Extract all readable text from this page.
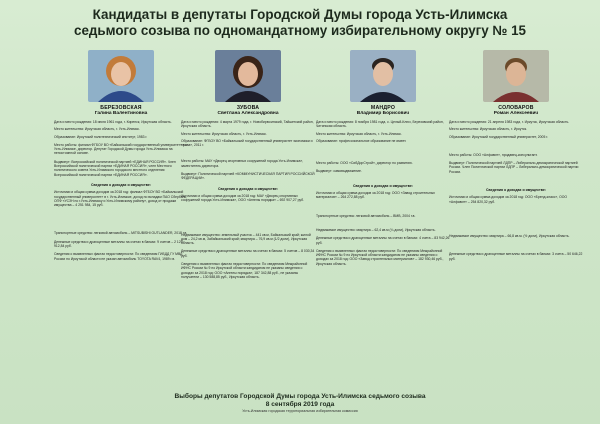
Кандидаты в депутаты Городской Думы города Усть-Илимска
седьмого созыва по одномандатному избирательному округу № 15
БЕРЕЗОВСКАЯ
Галина Валентиновна
Дата и место рождения: 18 июля 1961 года, г. Киренск, Иркутская область.
Место жительства: Иркутская область, г. Усть-Илимск.
Образование: Иркутский политехнический институт, 1983 г.
Место работы: филиал ФГБОУ ВО «Байкальский государственный университет» в г. Усть-Илимске, директор. Депутат Городской Думы города Усть-Илимска на непостоянной основе.
Выдвинут: Всероссийской политической партией «ЕДИНАЯ РОССИЯ». Член Всероссийской политической партии «ЕДИНАЯ РОССИЯ», член Местного политического совета Усть-Илимского городского местного отделения Всероссийской политической партии «ЕДИНАЯ РОССИЯ».
Сведения о доходах и имуществе:
Источники и общая сумма доходов за 2018 год: филиал ФГБОУ ВО «Байкальский государственный университет» в г. Усть-Илимске, доход по вкладам ПАО Сбербанк, ОПФ «УСЗН по г.Усть-Илимску и Усть-Илимскому району», доход от продажи имущества – 4 251 984, 15 руб.
Транспортные средства: легковой автомобиль – MITSUBISHI OUTLANDER, 2018 г.в.
Денежные средства и драгоценные металлы на счетах в банках: 9 счетов – 2 129 912,84 руб.
Сведения о выявленных фактах недостоверности: По сведениям ГИБДД ГУ МВД России по Иркутской области не указан автомобиль TOYOTA RAV4, 1989 г.в.
ЗУБОВА
Светлана Александровна
Дата и место рождения: 4 марта 1979 года, г. Новобирюсинский, Тайшетский район, Иркутская область.
Место жительства: Иркутская область, г. Усть-Илимск.
Образование: ФГБОУ ВО «Байкальский государственный университет экономики и права», 2011 г.
Место работы: МАУ «Дворец спортивных сооружений города Усть-Илимска», заместитель директора.
Выдвинут: Политической партией «КОММУНИСТИЧЕСКАЯ ПАРТИЯ РОССИЙСКОЙ ФЕДЕРАЦИИ».
Сведения о доходах и имуществе:
Источники и общая сумма доходов за 2018 год: МАУ «Дворец спортивных сооружений города Усть-Илимска», ООО «Ангелы порядка» – 692 907,27 руб.
Недвижимое имущество: земельный участок – 441 кв.м, Байкальский край; жилой дом – 24,2 кв.м, Забайкальский край; квартира – 76,9 кв.м (1/2 доли), Иркутская область.
Денежные средства и драгоценные металлы на счетах в банках: 5 счетов – 8 030,34 руб.
Сведения о выявленных фактах недостоверности: По сведениям Межрайонной ИФНС России № 9 по Иркутской области кандидатом не указаны сведения о доходах за 2018 год: ООО «Ангелы порядка», 187 342,88 руб., не указаны получатели – 130 588,85 руб., Иркутская область.
МАНДРО
Владимир Борисович
Дата и место рождения: 8 ноября 1981 года, с. Целый-Ключ, Березовский район, Читинская область.
Место жительства: Иркутская область, г. Усть-Илимск.
Образование: профессиональное образование не имеет.
Место работы: ООО «СибДорСтрой», директор по развитию.
Выдвинут: самовыдвижение.
Сведения о доходах и имуществе:
Источники и общая сумма доходов за 2018 год: ООО «Завод строительных материалов» – 264 272,88 руб.
Транспортные средства: легковой автомобиль – ВМВ, 2004 г.в.
Недвижимое имущество: квартира – 62,4 кв.м (¼ доли), Иркутская область.
Денежные средства и драгоценные металлы на счетах в банках: 4 счета – 83 942,26 руб.
Сведения о выявленных фактах недостоверности: По сведениям Межрайонной ИФНС России № 9 по Иркутской области кандидатом не указаны сведения о доходах за 2018 год: ООО «Завод строительных материалов» – 182 930,46 руб., Иркутская область.
СОЛОВАРОВ
Роман Алексеевич
Дата и место рождения: 21 апреля 1983 года, г. Иркутск, Иркутская область.
Место жительства: Иркутская область, г. Иркутск.
Образование: Иркутский государственный университет, 2005 г.
Место работы: ООО «Алфавит», продавец-консультант.
Выдвинут: Политической партией ЛДПР – Либерально-демократической партией России. Член Политической партии ЛДПР – Либерально-демократической партии России.
Сведения о доходах и имуществе:
Источники и общая сумма доходов за 2018 год: ООО «Бренд-класс», ООО «Алфавит» – 254 820,32 руб.
Недвижимое имущество: квартира – 66,8 кв.м. (½ доли), Иркутская область.
Денежные средства и драгоценные металлы на счетах в банках: 3 счета – 50 646,22 руб.
Выборы депутатов Городской Думы города Усть-Илимска седьмого созыва
8 сентября 2019 года
Усть-Илимская городская территориальная избирательная комиссия
